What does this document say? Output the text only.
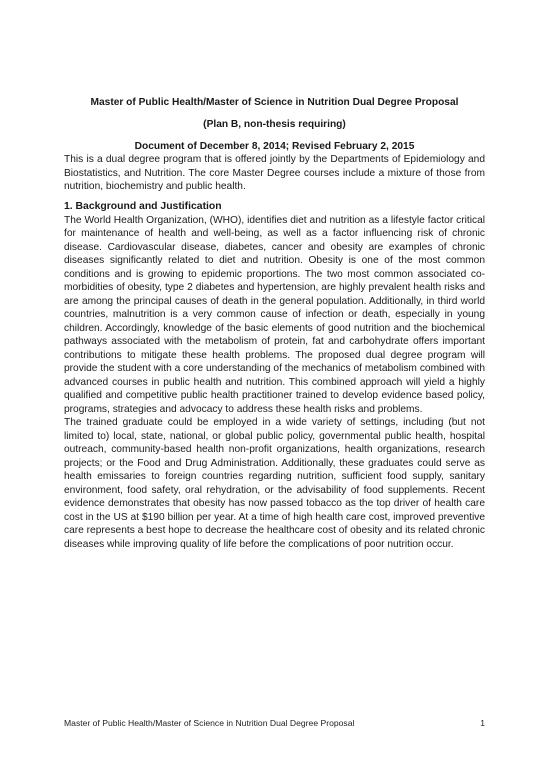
Master of Public Health/Master of Science in Nutrition Dual Degree Proposal
(Plan B, non-thesis requiring)
Document of December 8, 2014; Revised February 2, 2015

This is a dual degree program that is offered jointly by the Departments of Epidemiology and Biostatistics, and Nutrition. The core Master Degree courses include a mixture of those from nutrition, biochemistry and public health.

1. Background and Justification

The World Health Organization, (WHO), identifies diet and nutrition as a lifestyle factor critical for maintenance of health and well-being, as well as a factor influencing risk of chronic disease. Cardiovascular disease, diabetes, cancer and obesity are examples of chronic diseases significantly related to diet and nutrition. Obesity is one of the most common conditions and is growing to epidemic proportions. The two most common associated co-morbidities of obesity, type 2 diabetes and hypertension, are highly prevalent health risks and are among the principal causes of death in the general population. Additionally, in third world countries, malnutrition is a very common cause of infection or death, especially in young children. Accordingly, knowledge of the basic elements of good nutrition and the biochemical pathways associated with the metabolism of protein, fat and carbohydrate offers important contributions to mitigate these health problems. The proposed dual degree program will provide the student with a core understanding of the mechanics of metabolism combined with advanced courses in public health and nutrition. This combined approach will yield a highly qualified and competitive public health practitioner trained to develop evidence based policy, programs, strategies and advocacy to address these health risks and problems.

The trained graduate could be employed in a wide variety of settings, including (but not limited to) local, state, national, or global public policy, governmental public health, hospital outreach, community-based health non-profit organizations, health organizations, research projects; or the Food and Drug Administration. Additionally, these graduates could serve as health emissaries to foreign countries regarding nutrition, sufficient food supply, sanitary environment, food safety, oral rehydration, or the advisability of food supplements. Recent evidence demonstrates that obesity has now passed tobacco as the top driver of health care cost in the US at $190 billion per year. At a time of high health care cost, improved preventive care represents a best hope to decrease the healthcare cost of obesity and its related chronic diseases while improving quality of life before the complications of poor nutrition occur.

Master of Public Health/Master of Science in Nutrition Dual Degree Proposal	1
